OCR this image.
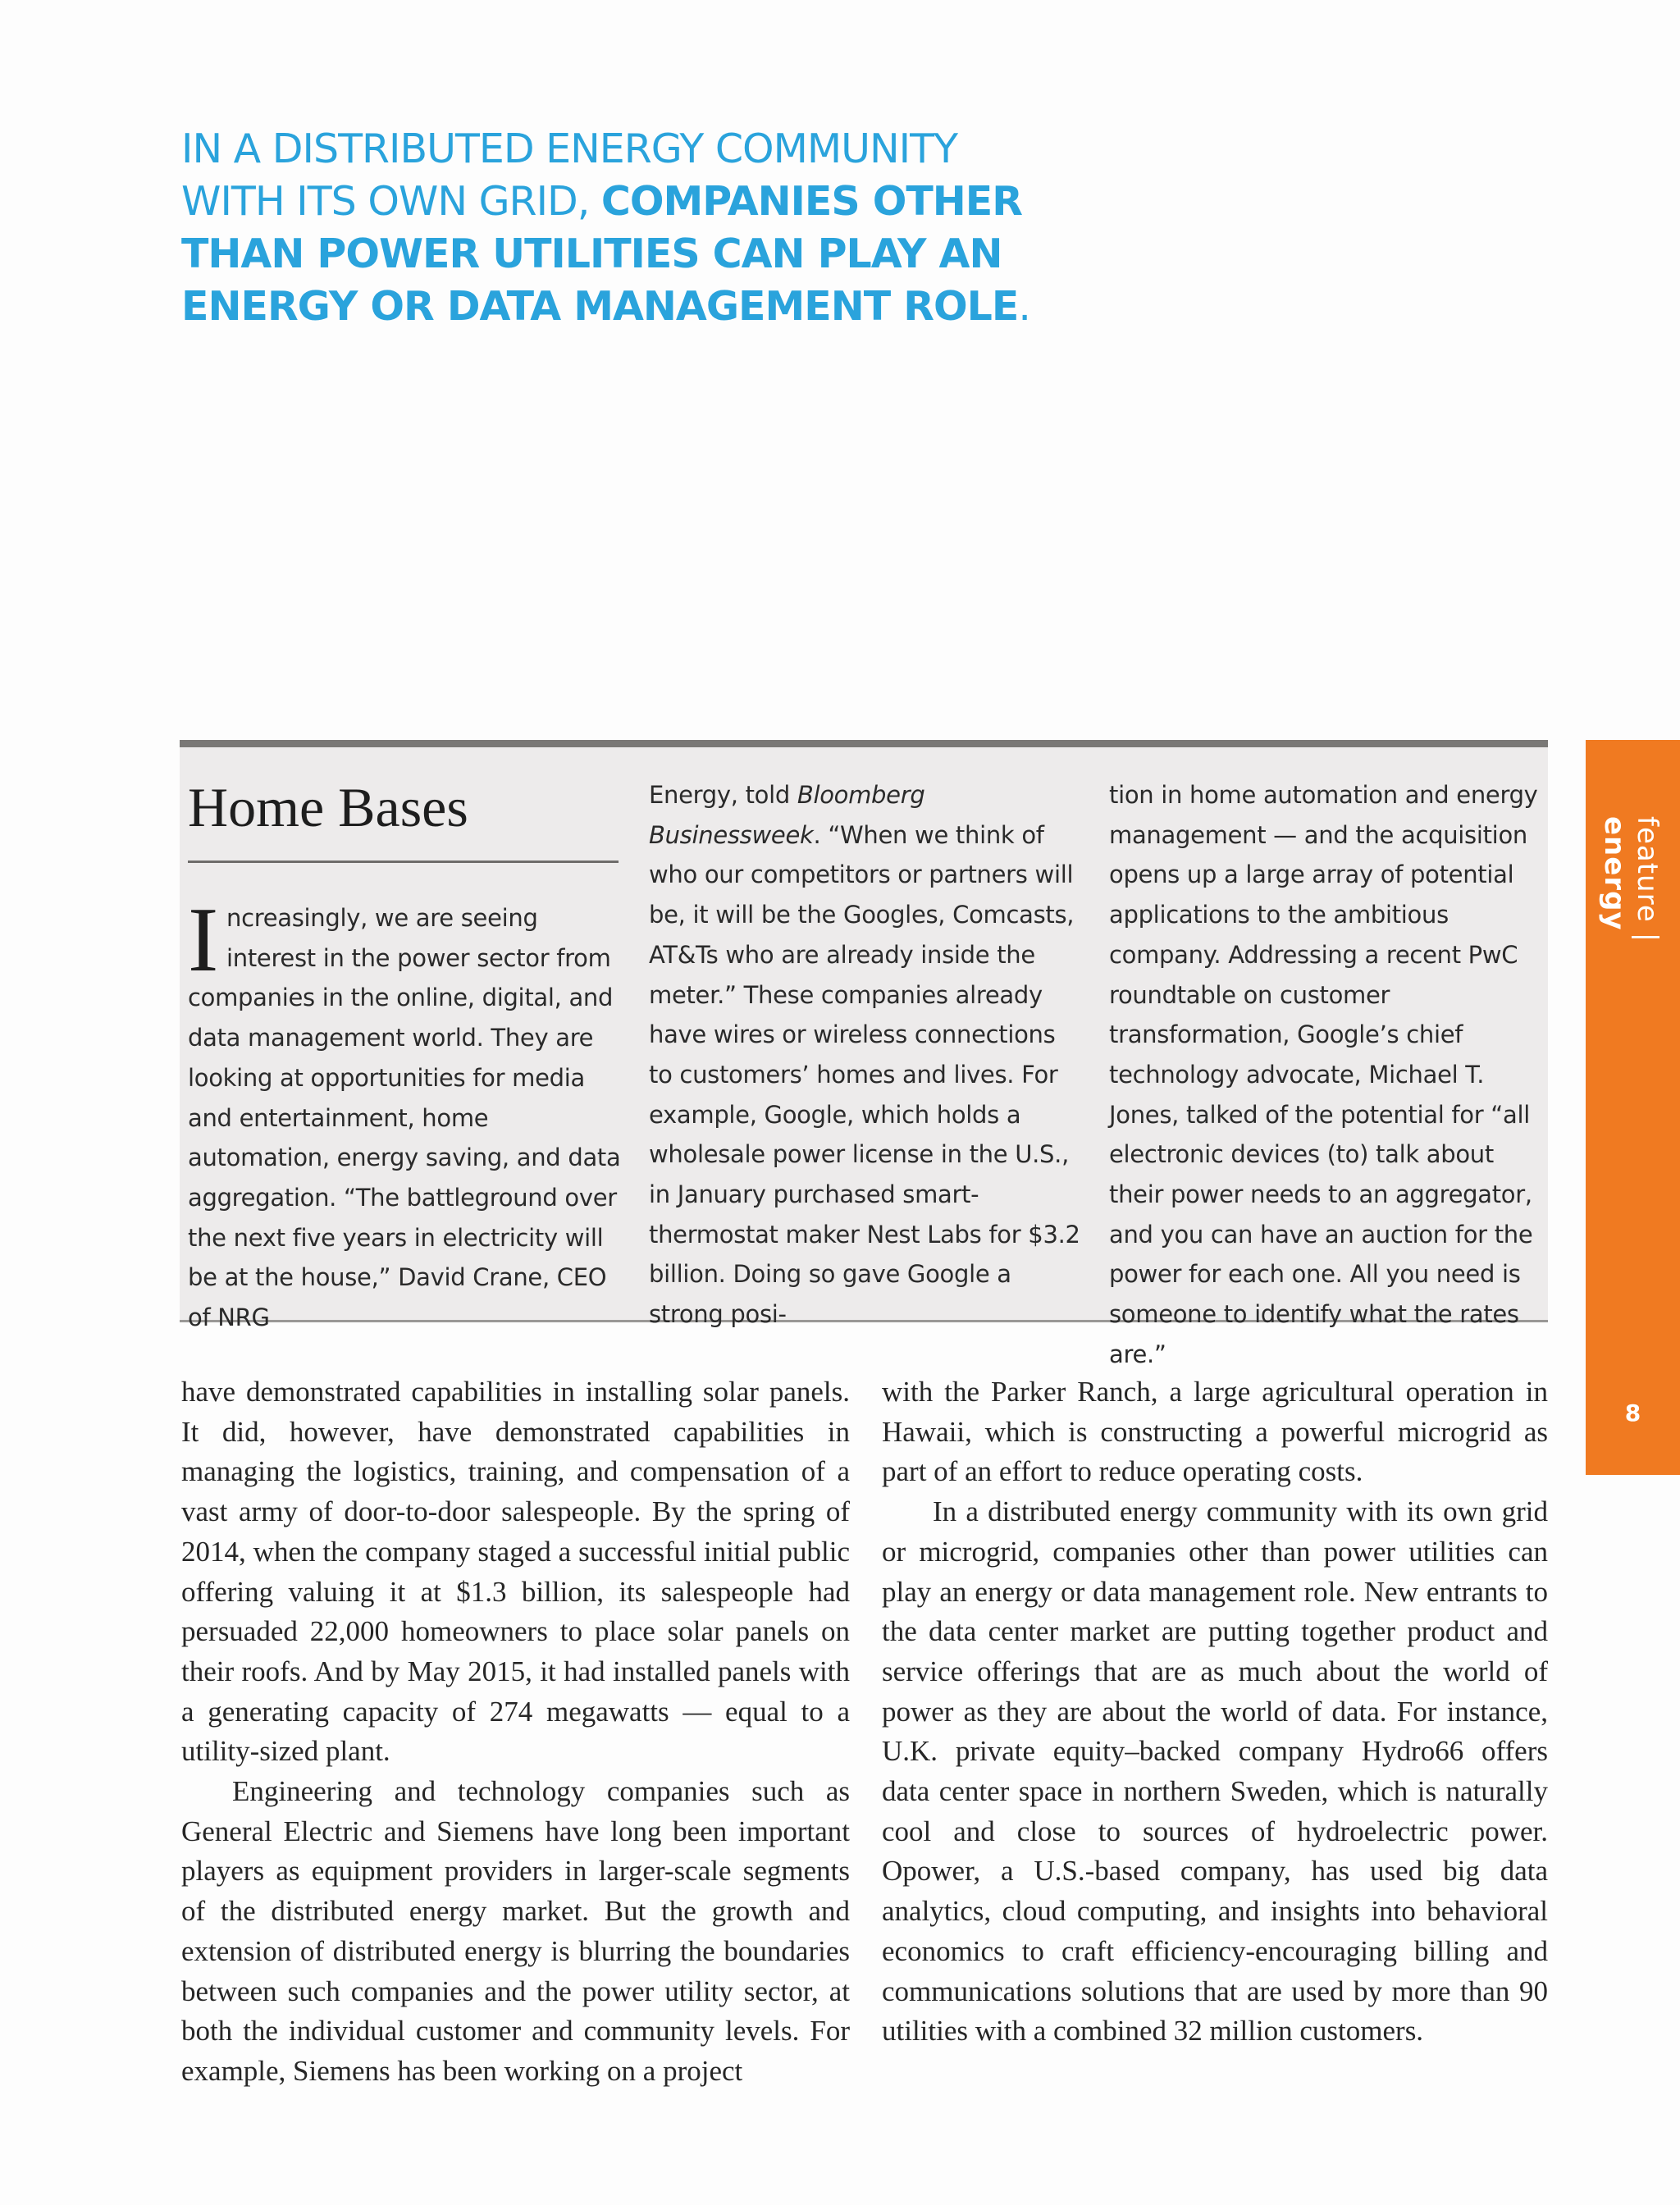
IN A DISTRIBUTED ENERGY COMMUNITY WITH ITS OWN GRID, COMPANIES OTHER THAN POWER UTILITIES CAN PLAY AN ENERGY OR DATA MANAGEMENT ROLE.
Home Bases

Increasingly, we are seeing interest in the power sector from companies in the online, digital, and data management world. They are looking at opportunities for media and entertainment, home automation, energy saving, and data aggregation. “The battleground over the next five years in electricity will be at the house,” David Crane, CEO of NRG

Energy, told Bloomberg Businessweek. “When we think of who our competitors or partners will be, it will be the Googles, Comcasts, AT&Ts who are already inside the meter.” These companies already have wires or wireless connections to customers’ homes and lives. For example, Google, which holds a wholesale power license in the U.S., in January purchased smart-thermostat maker Nest Labs for $3.2 billion. Doing so gave Google a strong posi-

tion in home automation and energy management — and the acquisition opens up a large array of potential applications to the ambitious company. Addressing a recent PwC roundtable on customer transformation, Google’s chief technology advocate, Michael T. Jones, talked of the potential for “all electronic devices (to) talk about their power needs to an aggregator, and you can have an auction for the power for each one. All you need is someone to identify what the rates are.”

have demonstrated capabilities in installing solar panels. It did, however, have demonstrated capabilities in managing the logistics, training, and compensation of a vast army of door-to-door salespeople. By the spring of 2014, when the company staged a successful initial public offering valuing it at $1.3 billion, its salespeople had persuaded 22,000 homeowners to place solar panels on their roofs. And by May 2015, it had installed panels with a generating capacity of 274 megawatts — equal to a utility-sized plant.

Engineering and technology companies such as General Electric and Siemens have long been important players as equipment providers in larger-scale segments of the distributed energy market. But the growth and extension of distributed energy is blurring the boundaries between such companies and the power utility sector, at both the individual customer and community levels. For example, Siemens has been working on a project

with the Parker Ranch, a large agricultural operation in Hawaii, which is constructing a powerful microgrid as part of an effort to reduce operating costs.

In a distributed energy community with its own grid or microgrid, companies other than power utilities can play an energy or data management role. New entrants to the data center market are putting together product and service offerings that are as much about the world of power as they are about the world of data. For instance, U.K. private equity–backed company Hydro66 offers data center space in northern Sweden, which is naturally cool and close to sources of hydroelectric power. Opower, a U.S.-based company, has used big data analytics, cloud computing, and insights into behavioral economics to craft efficiency-encouraging billing and communications solutions that are used by more than 90 utilities with a combined 32 million customers.

feature | energy
8
